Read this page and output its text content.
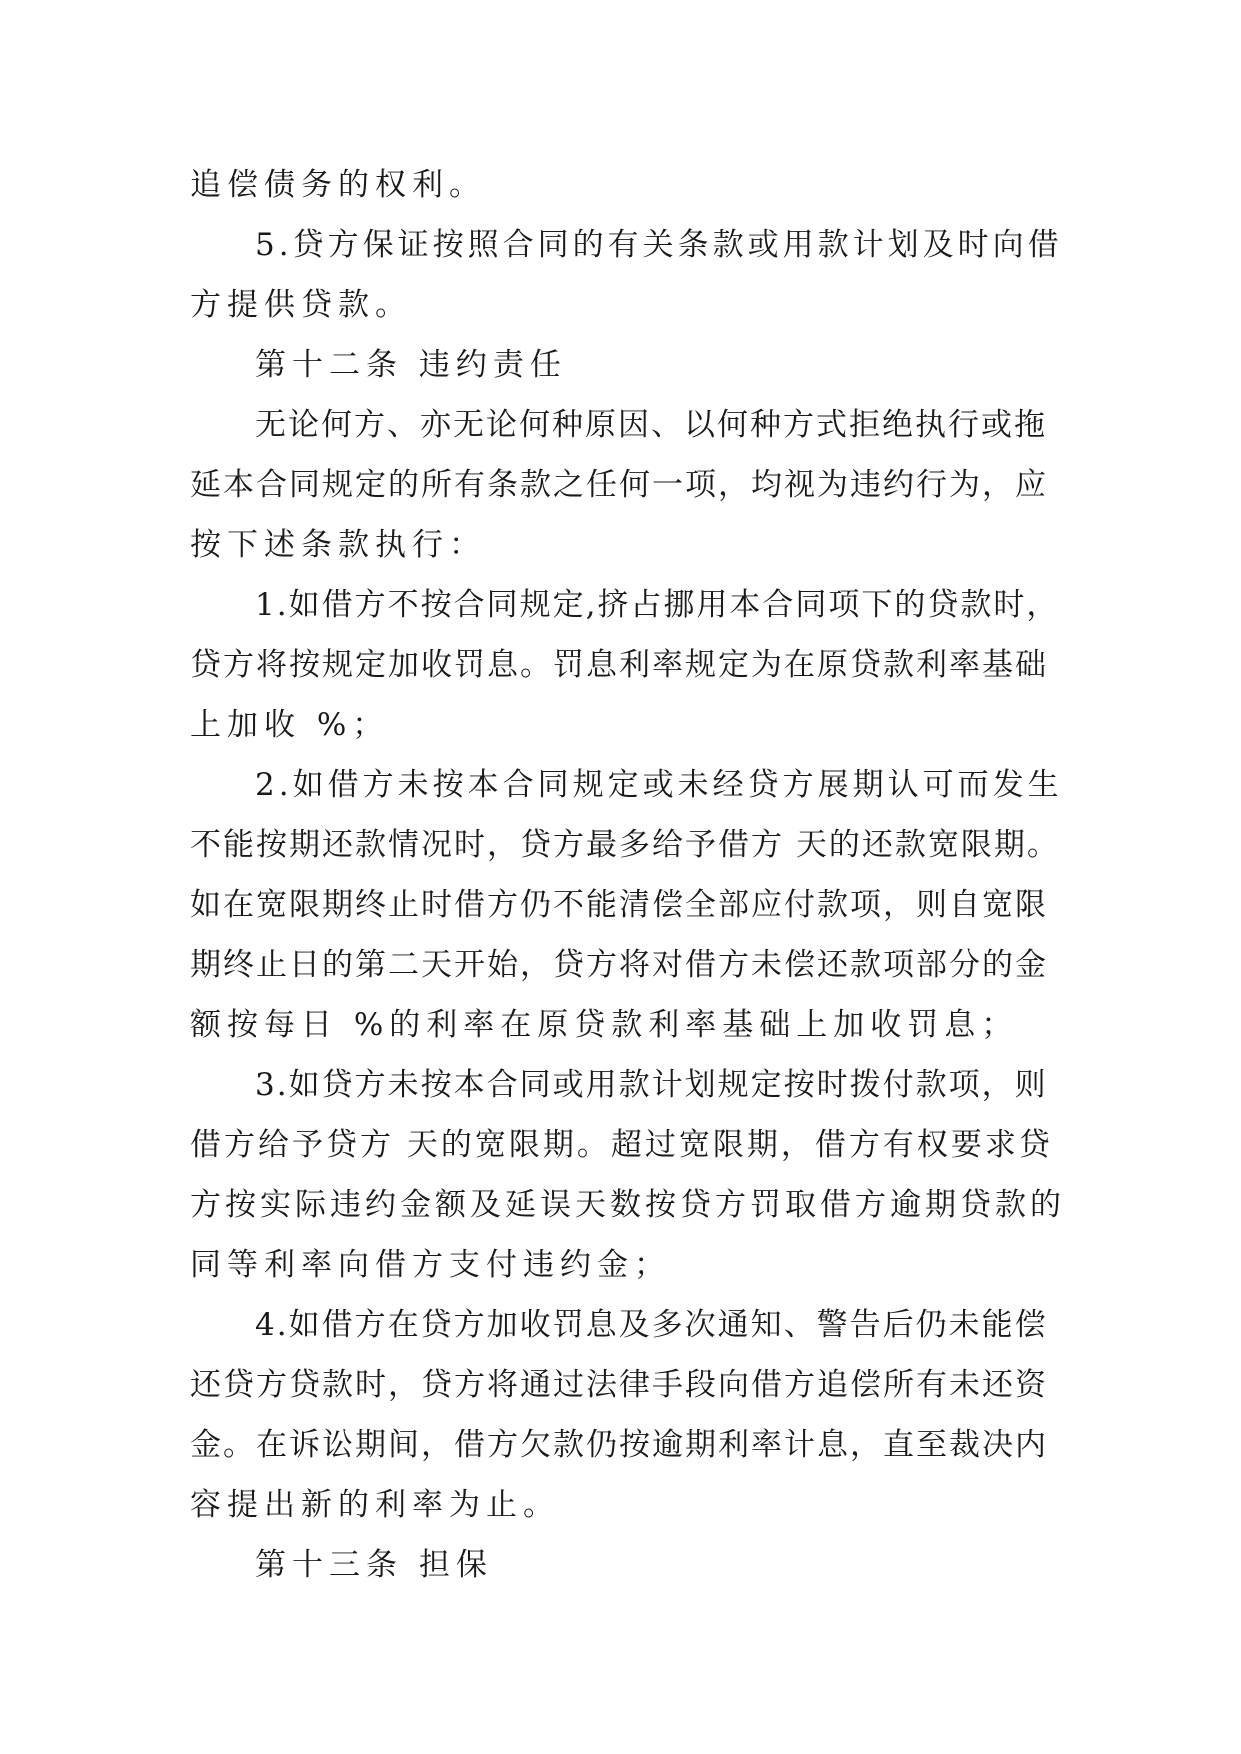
追偿债务的权利。
5.贷方保证按照合同的有关条款或用款计划及时向借
方提供贷款。
第十二条 违约责任
无论何方、亦无论何种原因、以何种方式拒绝执行或拖
延本合同规定的所有条款之任何一项，均视为违约行为，应
按下述条款执行：
1.如借方不按合同规定,挤占挪用本合同项下的贷款时，
贷方将按规定加收罚息。罚息利率规定为在原贷款利率基础
上加收 %；
2.如借方未按本合同规定或未经贷方展期认可而发生
不能按期还款情况时，贷方最多给予借方 天的还款宽限期。
如在宽限期终止时借方仍不能清偿全部应付款项，则自宽限
期终止日的第二天开始，贷方将对借方未偿还款项部分的金
额按每日 %的利率在原贷款利率基础上加收罚息；
3.如贷方未按本合同或用款计划规定按时拨付款项，则
借方给予贷方 天的宽限期。超过宽限期，借方有权要求贷
方按实际违约金额及延误天数按贷方罚取借方逾期贷款的
同等利率向借方支付违约金；
4.如借方在贷方加收罚息及多次通知、警告后仍未能偿
还贷方贷款时，贷方将通过法律手段向借方追偿所有未还资
金。在诉讼期间，借方欠款仍按逾期利率计息，直至裁决内
容提出新的利率为止。
第十三条 担保
